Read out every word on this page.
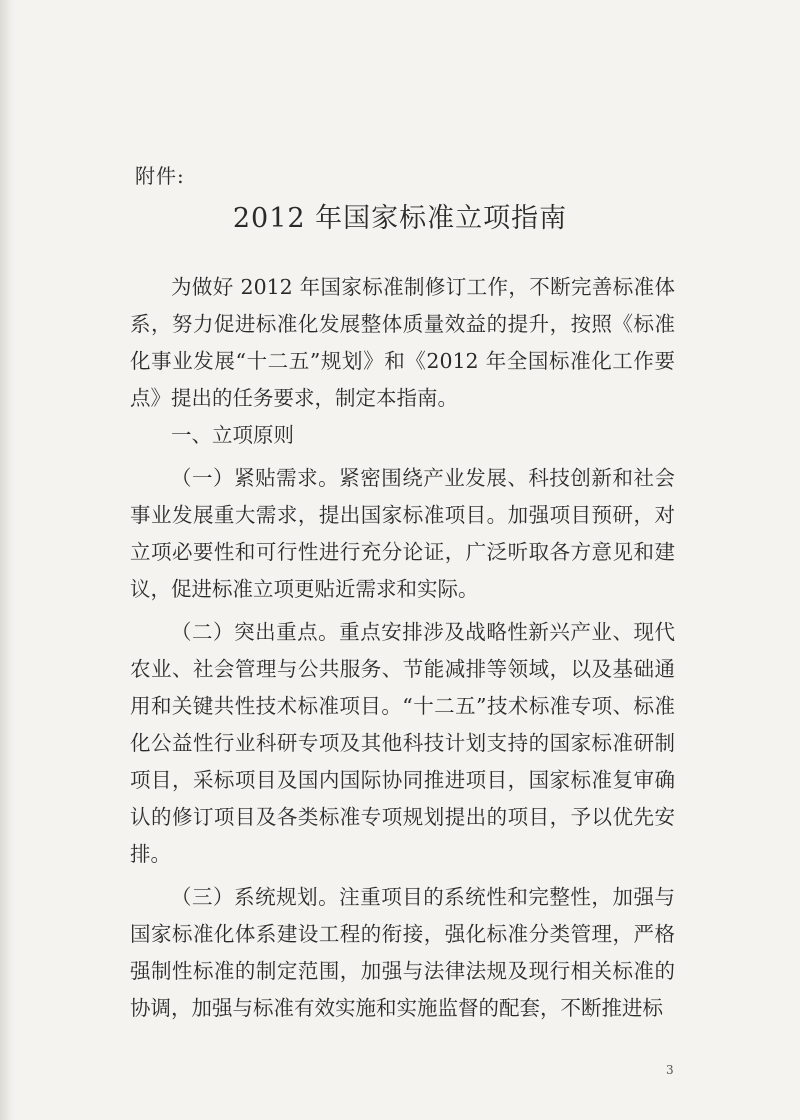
附件:
2012 年国家标准立项指南

为做好 2012 年国家标准制修订工作，不断完善标准体系，努力促进标准化发展整体质量效益的提升，按照《标准化事业发展“十二五”规划》和《2012 年全国标准化工作要点》提出的任务要求，制定本指南。

一、立项原则

（一）紧贴需求。紧密围绕产业发展、科技创新和社会事业发展重大需求，提出国家标准项目。加强项目预研，对立项必要性和可行性进行充分论证，广泛听取各方意见和建议，促进标准立项更贴近需求和实际。

（二）突出重点。重点安排涉及战略性新兴产业、现代农业、社会管理与公共服务、节能减排等领域，以及基础通用和关键共性技术标准项目。“十二五”技术标准专项、标准化公益性行业科研专项及其他科技计划支持的国家标准研制项目，采标项目及国内国际协同推进项目，国家标准复审确认的修订项目及各类标准专项规划提出的项目，予以优先安排。

（三）系统规划。注重项目的系统性和完整性，加强与国家标准化体系建设工程的衔接，强化标准分类管理，严格强制性标准的制定范围，加强与法律法规及现行相关标准的协调，加强与标准有效实施和实施监督的配套，不断推进标

3
